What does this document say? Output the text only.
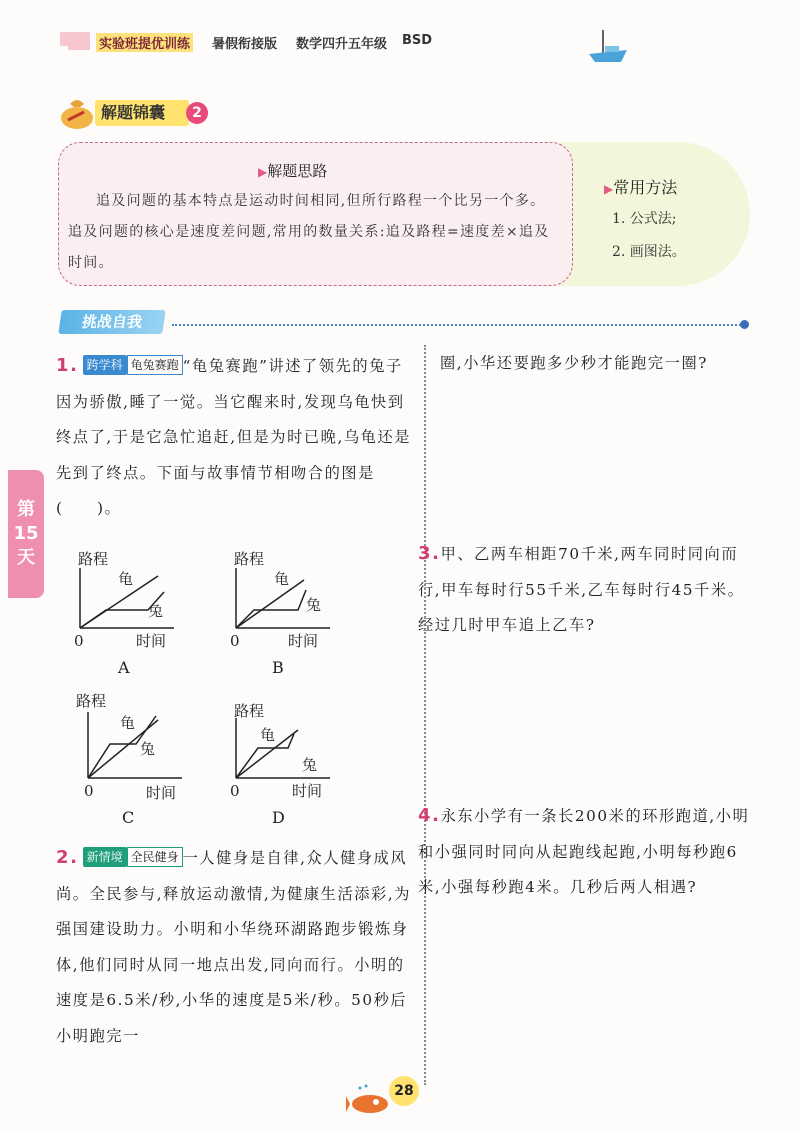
实验班提优训练 暑假衔接版 数学四升五年级 BSD
解题锦囊	2
▶解题思路
追及问题的基本特点是运动时间相同,但所行路程一个比另一个多。追及问题的核心是速度差问题,常用的数量关系:追及路程=速度差×追及时间。
▶常用方法
1. 公式法;
2. 画图法。
挑战自我
第15天
1. 跨学科 龟兔赛跑 “龟兔赛跑”讲述了领先的兔子因为骄傲,睡了一觉。当它醒来时,发现乌龟快到终点了,于是它急忙追赶,但是为时已晚,乌龟还是先到了终点。下面与故事情节相吻合的图是(　　)。
路程
龟
兔
0	时间
A
路程
龟
兔
0	时间
B
路程
龟
兔
0	时间
C
路程
龟
兔
0	时间
D
2. 新情境 全民健身 一人健身是自律,众人健身成风尚。全民参与,释放运动激情,为健康生活添彩,为强国建设助力。小明和小华绕环湖路跑步锻炼身体,他们同时从同一地点出发,同向而行。小明的速度是6.5米/秒,小华的速度是5米/秒。50秒后小明跑完一
圈,小华还要跑多少秒才能跑完一圈?
3.甲、乙两车相距70千米,两车同时同向而行,甲车每时行55千米,乙车每时行45千米。经过几时甲车追上乙车?
4.永东小学有一条长200米的环形跑道,小明和小强同时同向从起跑线起跑,小明每秒跑6米,小强每秒跑4米。几秒后两人相遇?
28
